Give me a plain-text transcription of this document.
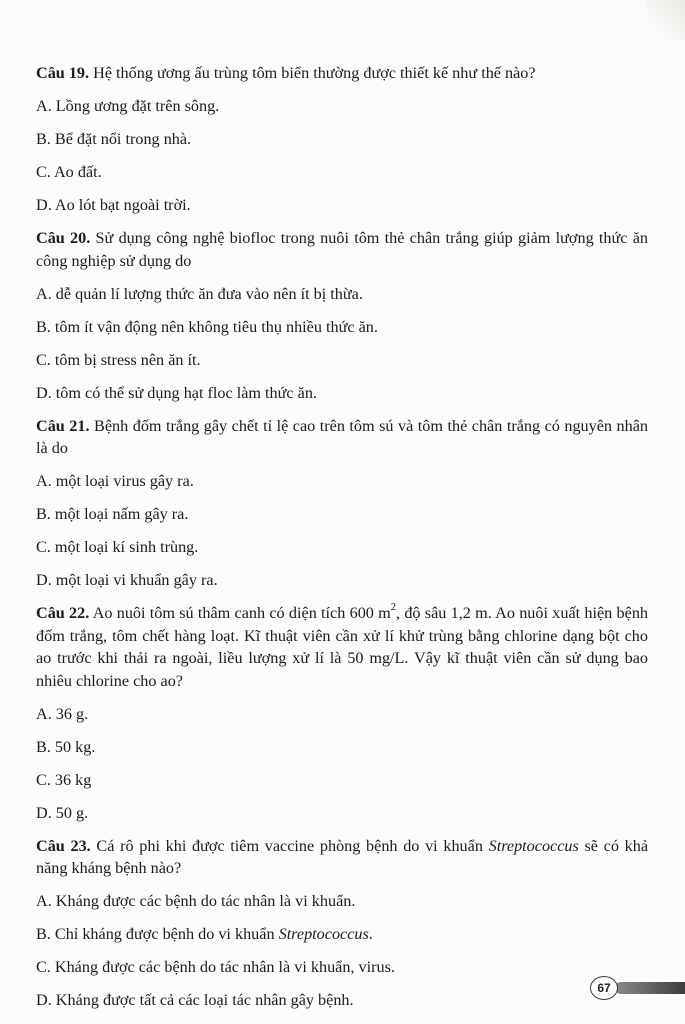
Câu 19. Hệ thống ương ấu trùng tôm biển thường được thiết kế như thế nào?

A. Lồng ương đặt trên sông.

B. Bể đặt nổi trong nhà.

C. Ao đất.

D. Ao lót bạt ngoài trời.

Câu 20. Sử dụng công nghệ biofloc trong nuôi tôm thẻ chân trắng giúp giảm lượng thức ăn công nghiệp sử dụng do

A. dễ quản lí lượng thức ăn đưa vào nên ít bị thừa.

B. tôm ít vận động nên không tiêu thụ nhiều thức ăn.

C. tôm bị stress nên ăn ít.

D. tôm có thể sử dụng hạt floc làm thức ăn.

Câu 21. Bệnh đốm trắng gây chết tỉ lệ cao trên tôm sú và tôm thẻ chân trắng có nguyên nhân là do

A. một loại virus gây ra.

B. một loại nấm gây ra.

C. một loại kí sinh trùng.

D. một loại vi khuẩn gây ra.

Câu 22. Ao nuôi tôm sú thâm canh có diện tích 600 $m^2$, độ sâu 1,2 m. Ao nuôi xuất hiện bệnh đốm trắng, tôm chết hàng loạt. Kĩ thuật viên cần xử lí khử trùng bằng chlorine dạng bột cho ao trước khi thải ra ngoài, liều lượng xử lí là 50 mg/L. Vậy kĩ thuật viên cần sử dụng bao nhiêu chlorine cho ao?

A. 36 g.

B. 50 kg.

C. 36 kg

D. 50 g.

Câu 23. Cá rô phi khi được tiêm vaccine phòng bệnh do vi khuẩn Streptococcus sẽ có khả năng kháng bệnh nào?

A. Kháng được các bệnh do tác nhân là vi khuẩn.

B. Chỉ kháng được bệnh do vi khuẩn Streptococcus.

C. Kháng được các bệnh do tác nhân là vi khuẩn, virus.

D. Kháng được tất cả các loại tác nhân gây bệnh.

67
